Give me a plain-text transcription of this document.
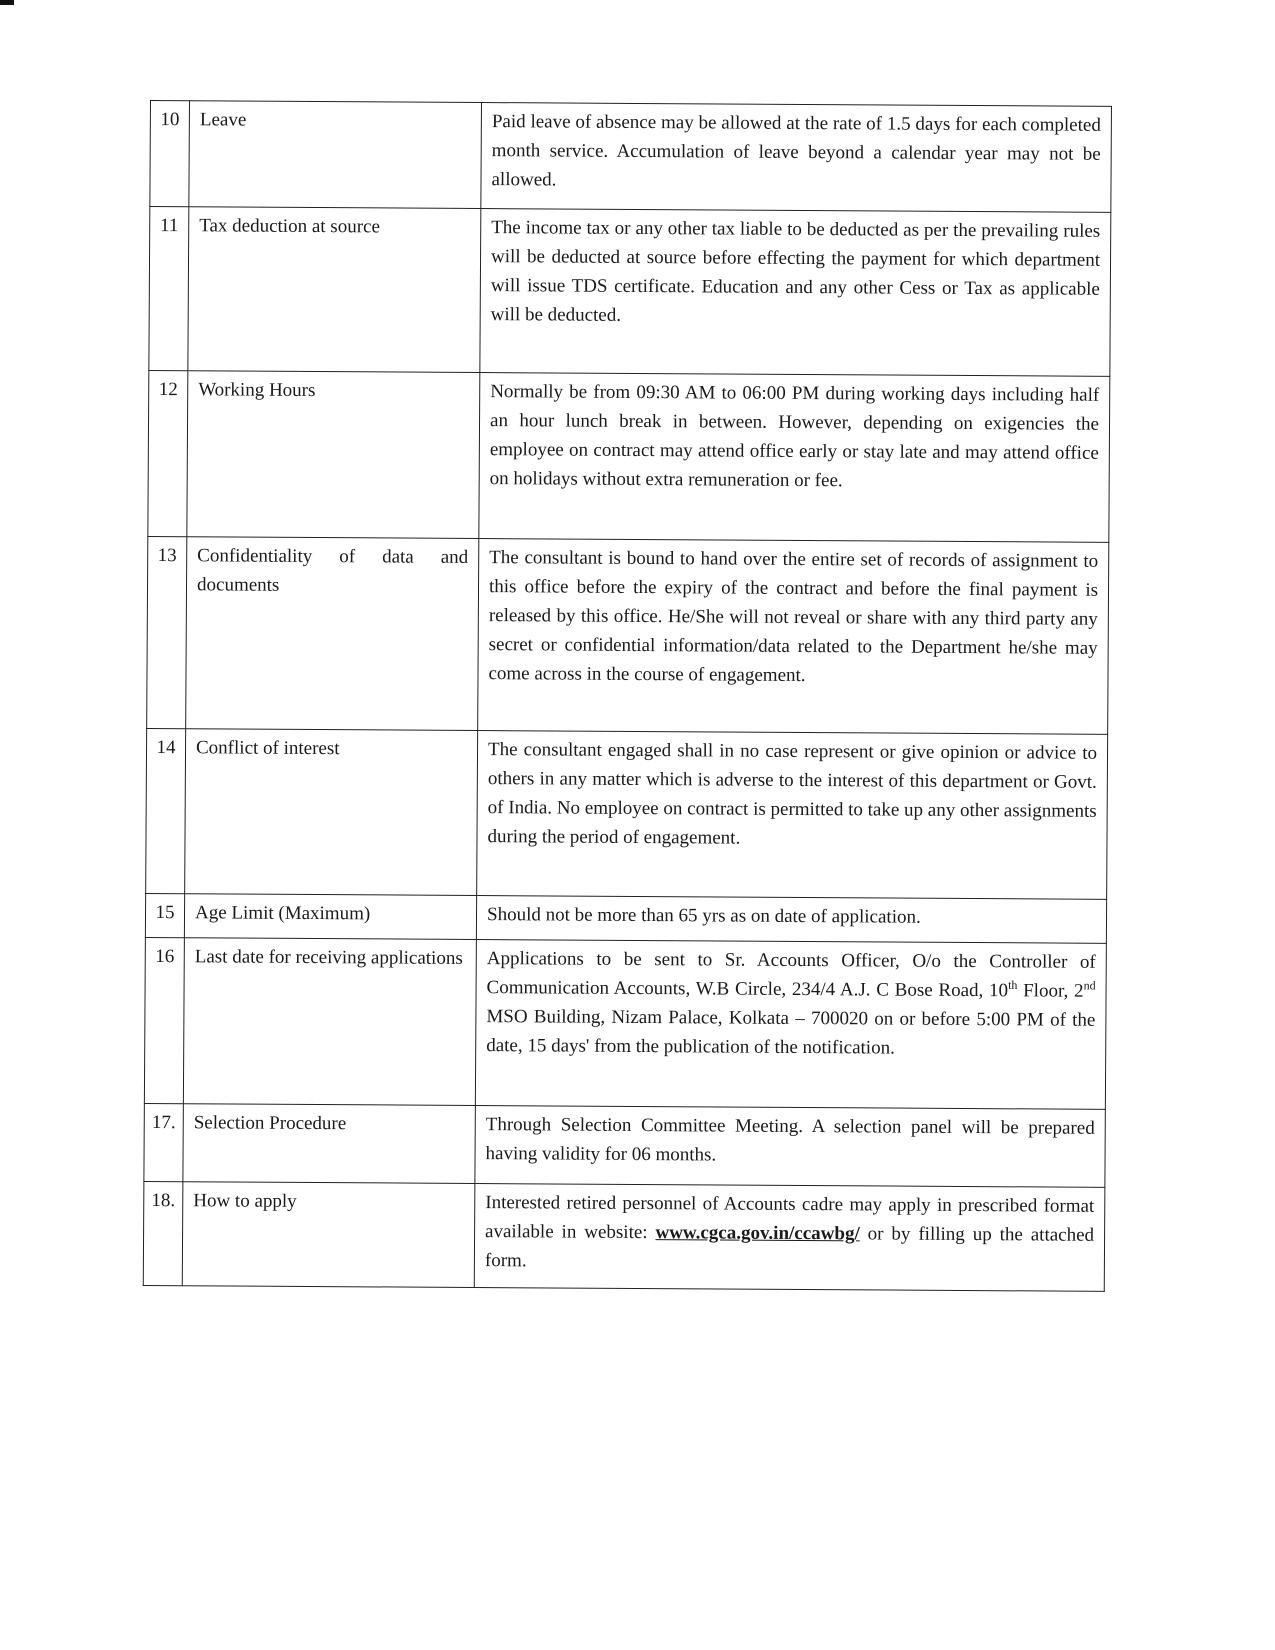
10	Leave	Paid leave of absence may be allowed at the rate of 1.5 days for each completed month service. Accumulation of leave beyond a calendar year may not be allowed.
11	Tax deduction at source	The income tax or any other tax liable to be deducted as per the prevailing rules will be deducted at source before effecting the payment for which department will issue TDS certificate. Education and any other Cess or Tax as applicable will be deducted.
12	Working Hours	Normally be from 09:30 AM to 06:00 PM during working days including half an hour lunch break in between. However, depending on exigencies the employee on contract may attend office early or stay late and may attend office on holidays without extra remuneration or fee.
13	Confidentiality of data and documents	The consultant is bound to hand over the entire set of records of assignment to this office before the expiry of the contract and before the final payment is released by this office. He/She will not reveal or share with any third party any secret or confidential information/data related to the Department he/she may come across in the course of engagement.
14	Conflict of interest	The consultant engaged shall in no case represent or give opinion or advice to others in any matter which is adverse to the interest of this department or Govt. of India. No employee on contract is permitted to take up any other assignments during the period of engagement.
15	Age Limit (Maximum)	Should not be more than 65 yrs as on date of application.
16	Last date for receiving applications	Applications to be sent to Sr. Accounts Officer, O/o the Controller of Communication Accounts, W.B Circle, 234/4 A.J. C Bose Road, 10th Floor, 2nd MSO Building, Nizam Palace, Kolkata – 700020 on or before 5:00 PM of the date, 15 days' from the publication of the notification.
17.	Selection Procedure	Through Selection Committee Meeting. A selection panel will be prepared having validity for 06 months.
18.	How to apply	Interested retired personnel of Accounts cadre may apply in prescribed format available in website: www.cgca.gov.in/ccawbg/ or by filling up the attached form.
